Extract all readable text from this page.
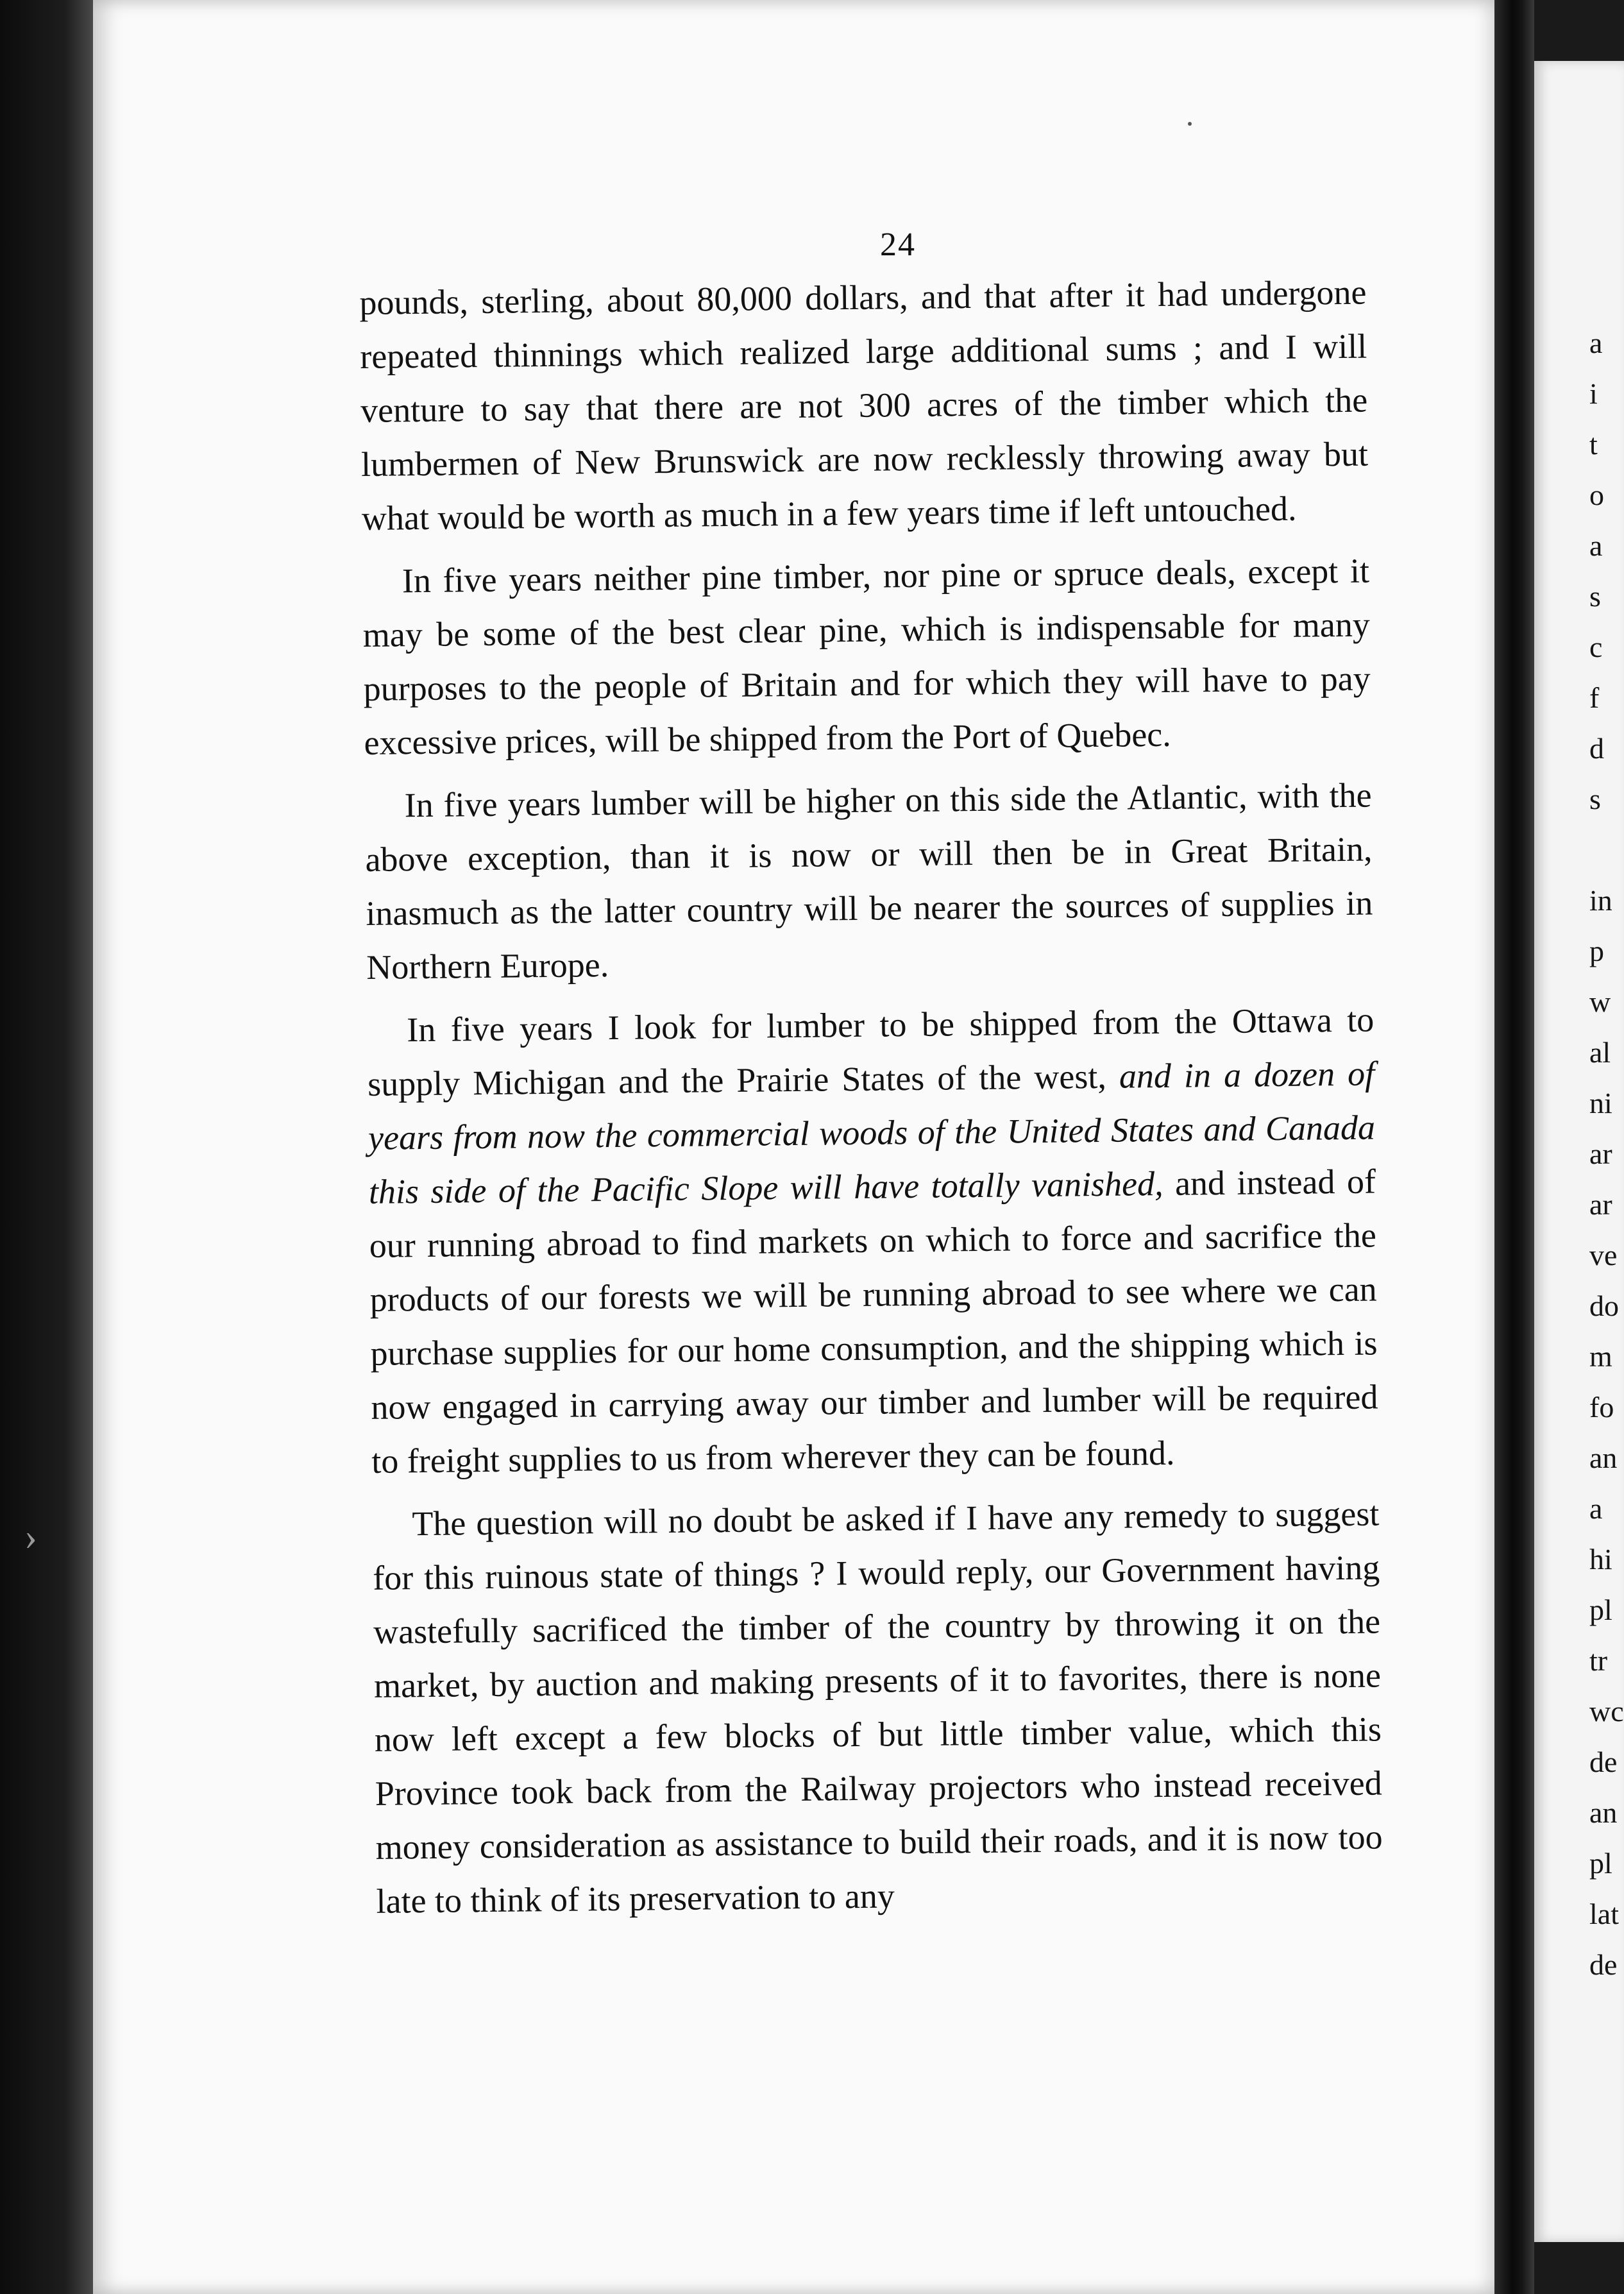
›
24

pounds, sterling, about 80,000 dollars, and that after it had undergone repeated thinnings which realized large additional sums ; and I will venture to say that there are not 300 acres of the timber which the lumbermen of New Brunswick are now recklessly throwing away but what would be worth as much in a few years time if left untouched.

In five years neither pine timber, nor pine or spruce deals, except it may be some of the best clear pine, which is indispensable for many purposes to the people of Britain and for which they will have to pay excessive prices, will be shipped from the Port of Quebec.

In five years lumber will be higher on this side the Atlantic, with the above exception, than it is now or will then be in Great Britain, inasmuch as the latter country will be nearer the sources of supplies in Northern Europe.

In five years I look for lumber to be shipped from the Ottawa to supply Michigan and the Prairie States of the west, and in a dozen of years from now the commercial woods of the United States and Canada this side of the Pacific Slope will have totally vanished, and instead of our running abroad to find markets on which to force and sacrifice the products of our forests we will be running abroad to see where we can purchase supplies for our home consumption, and the shipping which is now engaged in carrying away our timber and lumber will be required to freight supplies to us from wherever they can be found.

The question will no doubt be asked if I have any remedy to suggest for this ruinous state of things ? I would reply, our Government having wastefully sacrificed the timber of the country by throwing it on the market, by auction and making presents of it to favorites, there is none now left except a few blocks of but little timber value, which this Province took back from the Railway projectors who instead received money consideration as assistance to build their roads, and it is now too late to think of its preservation to any

a
i
t
o
a
s
c
f
d
s
in
p
w
al
ni
ar
ar
ve
do
m
fo
an
a
hi
pl
tr
wc
de
an
pl
lat
de
